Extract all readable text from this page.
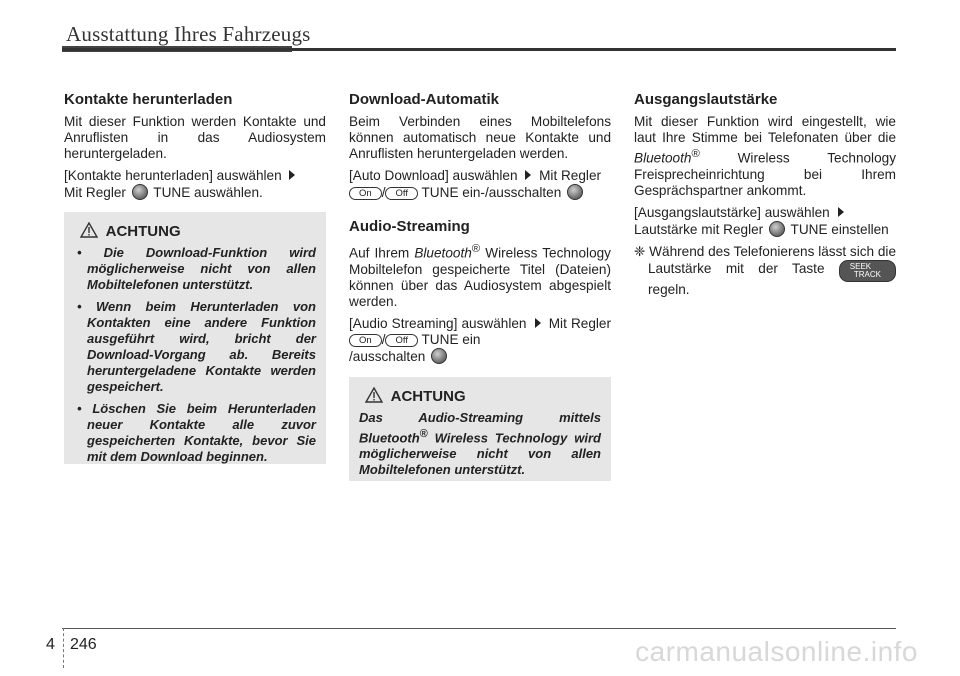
Ausstattung Ihres Fahrzeugs
Kontakte herunterladen

Mit dieser Funktion werden Kontakte und Anruflisten in das Audiosystem heruntergeladen.

[Kontakte herunterladen] auswählen
Mit Regler TUNE auswählen.

ACHTUNG
• Die Download-Funktion wird möglicherweise nicht von allen Mobiltelefonen unterstützt.
• Wenn beim Herunterladen von Kontakten eine andere Funktion ausgeführt wird, bricht der Download-Vorgang ab. Bereits heruntergeladene Kontakte werden gespeichert.
• Löschen Sie beim Herunterladen neuer Kontakte alle zuvor gespeicherten Kontakte, bevor Sie mit dem Download beginnen.
Download-Automatik

Beim Verbinden eines Mobiltelefons können automatisch neue Kontakte und Anruflisten heruntergeladen werden.

[Auto Download] auswählen Mit Regler
On / Off TUNE ein-/ausschalten

Audio-Streaming

Auf Ihrem Bluetooth® Wireless Technology Mobiltelefon gespeicherte Titel (Dateien) können über das Audiosystem abgespielt werden.

[Audio Streaming] auswählen Mit Regler On / Off TUNE ein
/ausschalten

ACHTUNG

Das Audio-Streaming mittels Bluetooth® Wireless Technology wird möglicherweise nicht von allen Mobiltelefonen unterstützt.

Ausgangslautstärke

Mit dieser Funktion wird eingestellt, wie laut Ihre Stimme bei Telefonaten über die Bluetooth®	Wireless Technology Freisprecheinrichtung bei Ihrem Gesprächspartner ankommt.

[Ausgangslautstärke] auswählen
Lautstärke mit Regler TUNE einstellen

❈ Während des Telefonierens lässt sich die Lautstärke mit der Taste	SEEK
TRACK regeln.

4 246	carmanualsonline.info
